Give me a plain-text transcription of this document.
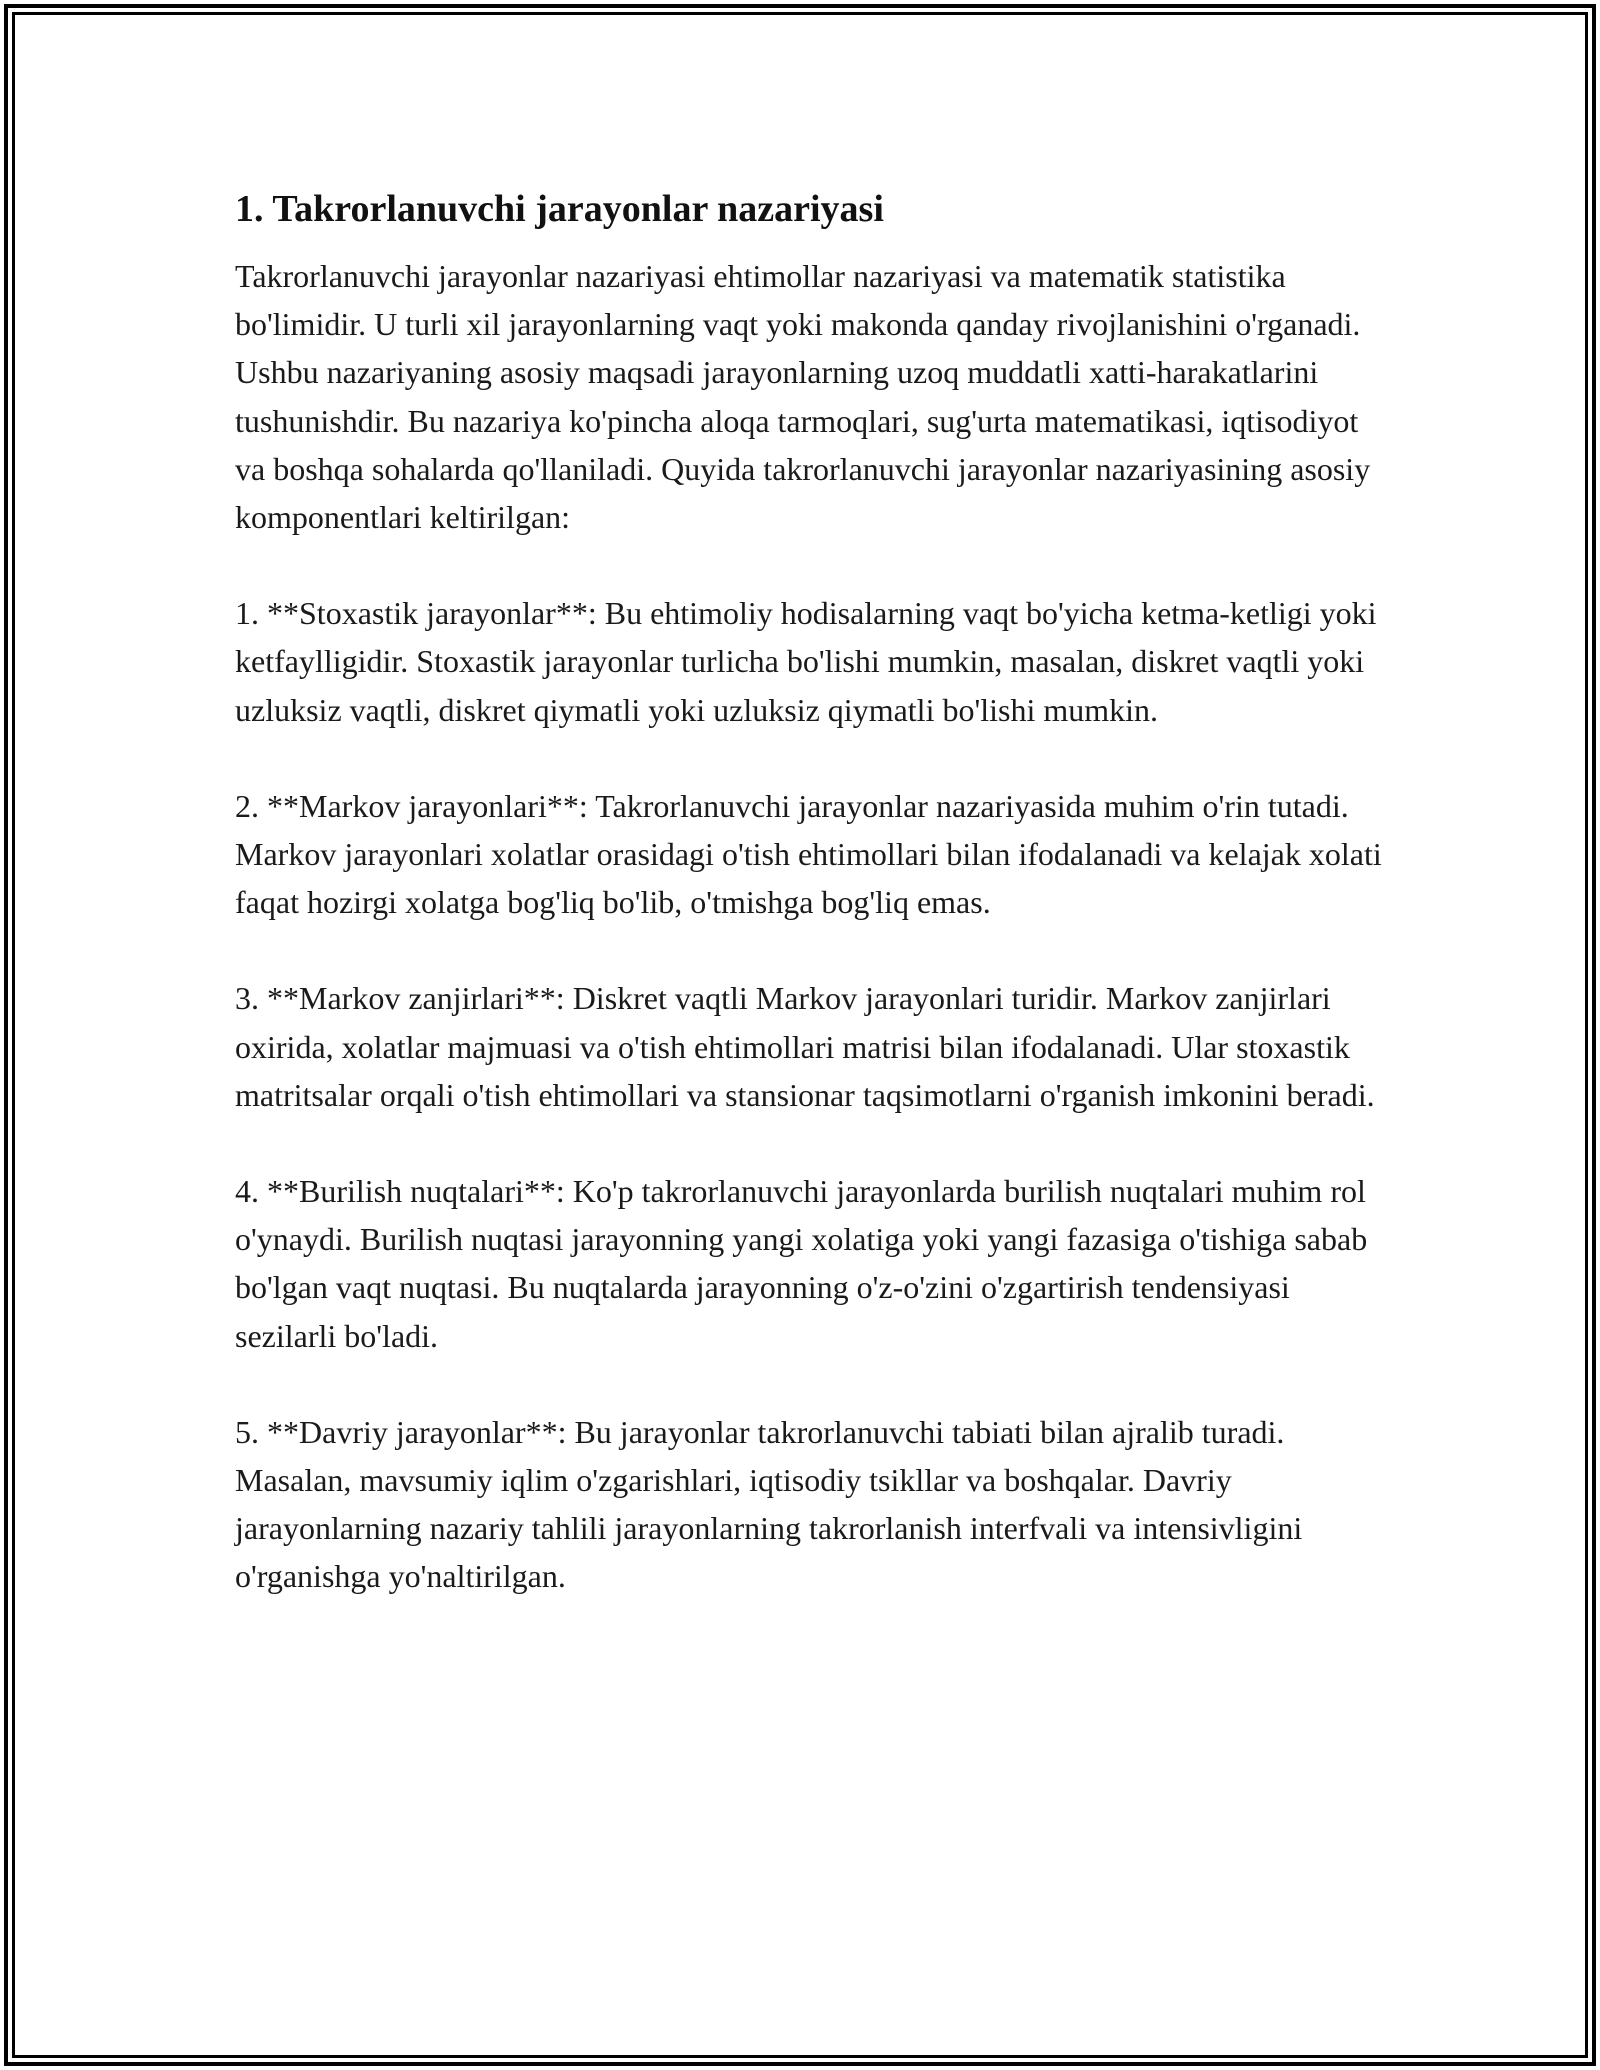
1. Takrorlanuvchi jarayonlar nazariyasi

Takrorlanuvchi jarayonlar nazariyasi ehtimollar nazariyasi va matematik statistika bo'limidir. U turli xil jarayonlarning vaqt yoki makonda qanday rivojlanishini o'rganadi. Ushbu nazariyaning asosiy maqsadi jarayonlarning uzoq muddatli xatti-harakatlarini tushunishdir. Bu nazariya ko'pincha aloqa tarmoqlari, sug'urta matematikasi, iqtisodiyot va boshqa sohalarda qo'llaniladi. Quyida takrorlanuvchi jarayonlar nazariyasining asosiy komponentlari keltirilgan:

1. **Stoxastik jarayonlar**: Bu ehtimoliy hodisalarning vaqt bo'yicha ketma-ketligi yoki ketfaylligidir. Stoxastik jarayonlar turlicha bo'lishi mumkin, masalan, diskret vaqtli yoki uzluksiz vaqtli, diskret qiymatli yoki uzluksiz qiymatli bo'lishi mumkin.

2. **Markov jarayonlari**: Takrorlanuvchi jarayonlar nazariyasida muhim o'rin tutadi. Markov jarayonlari xolatlar orasidagi o'tish ehtimollari bilan ifodalanadi va kelajak xolati faqat hozirgi xolatga bog'liq bo'lib, o'tmishga bog'liq emas.

3. **Markov zanjirlari**: Diskret vaqtli Markov jarayonlari turidir. Markov zanjirlari oxirida, xolatlar majmuasi va o'tish ehtimollari matrisi bilan ifodalanadi. Ular stoxastik matritsalar orqali o'tish ehtimollari va stansionar taqsimotlarni o'rganish imkonini beradi.

4. **Burilish nuqtalari**: Ko'p takrorlanuvchi jarayonlarda burilish nuqtalari muhim rol o'ynaydi. Burilish nuqtasi jarayonning yangi xolatiga yoki yangi fazasiga o'tishiga sabab bo'lgan vaqt nuqtasi. Bu nuqtalarda jarayonning o'z-o'zini o'zgartirish tendensiyasi sezilarli bo'ladi.

5. **Davriy jarayonlar**: Bu jarayonlar takrorlanuvchi tabiati bilan ajralib turadi. Masalan, mavsumiy iqlim o'zgarishlari, iqtisodiy tsikllar va boshqalar. Davriy jarayonlarning nazariy tahlili jarayonlarning takrorlanish interfvali va intensivligini o'rganishga yo'naltirilgan.
